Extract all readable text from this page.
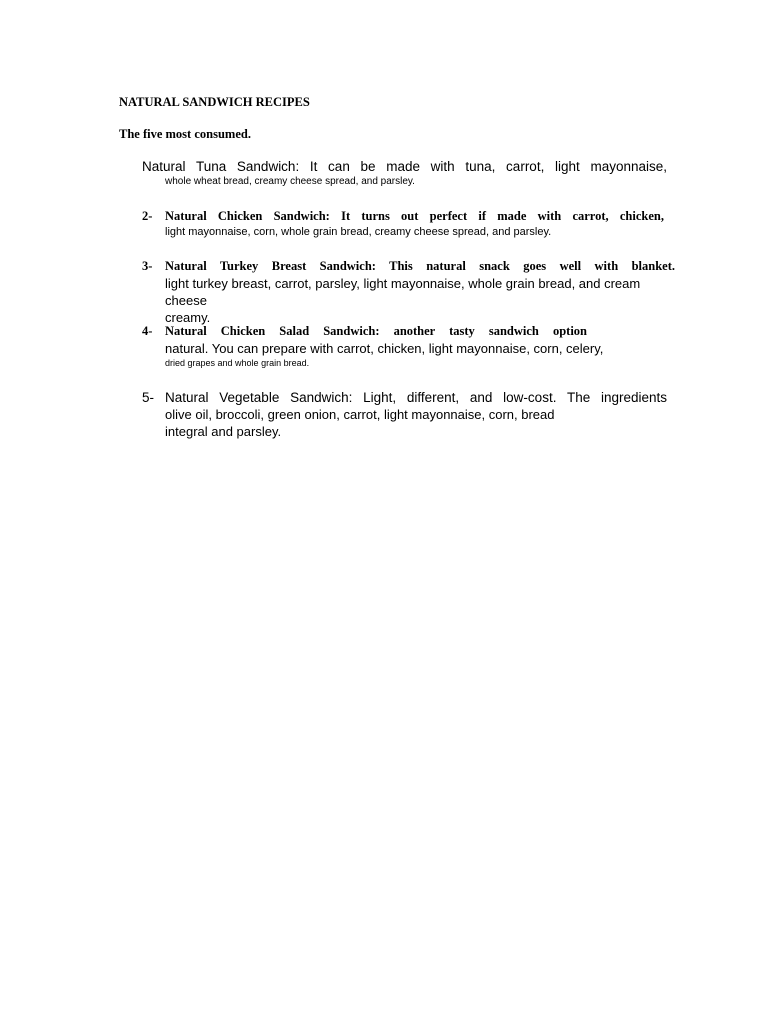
NATURAL SANDWICH RECIPES
The five most consumed.
Natural Tuna Sandwich: It can be made with tuna, carrot, light mayonnaise,
whole wheat bread, creamy cheese spread, and parsley.
2- Natural Chicken Sandwich: It turns out perfect if made with carrot, chicken,
light mayonnaise, corn, whole grain bread, creamy cheese spread, and parsley.
3- Natural Turkey Breast Sandwich: This natural snack goes well with blanket.
light turkey breast, carrot, parsley, light mayonnaise, whole grain bread, and cream cheese
creamy.
4- Natural Chicken Salad Sandwich: another tasty sandwich option
natural. You can prepare with carrot, chicken, light mayonnaise, corn, celery,
dried grapes and whole grain bread.
5- Natural Vegetable Sandwich: Light, different, and low-cost. The ingredients
olive oil, broccoli, green onion, carrot, light mayonnaise, corn, bread
integral and parsley.
